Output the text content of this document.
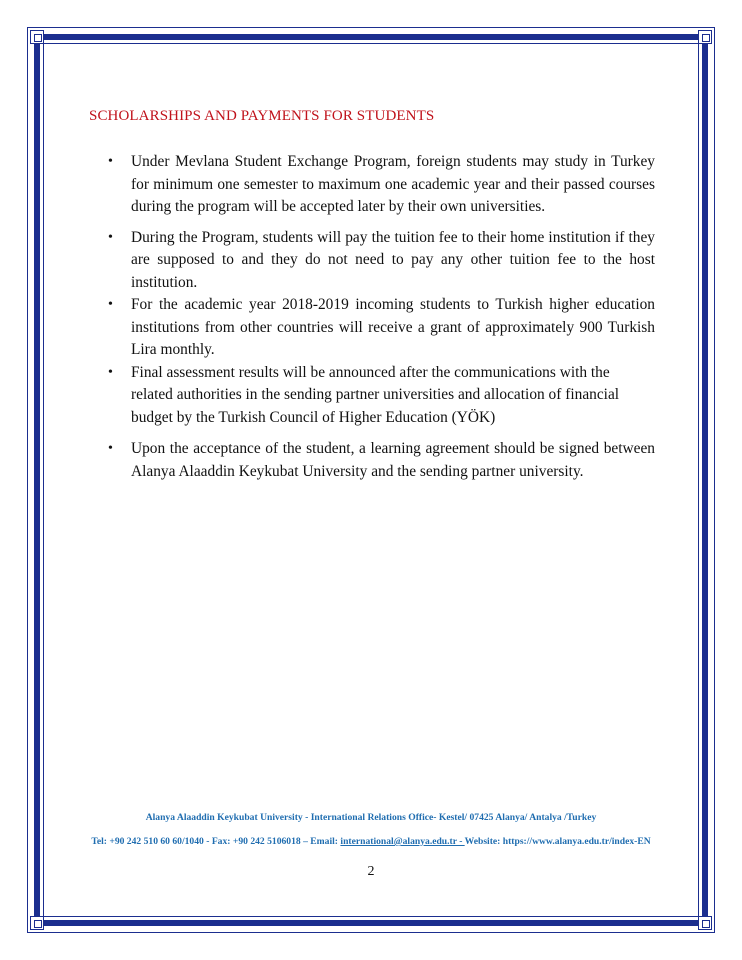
SCHOLARSHIPS AND PAYMENTS FOR STUDENTS
• Under Mevlana Student Exchange Program, foreign students may study in Turkey for minimum one semester to maximum one academic year and their passed courses during the program will be accepted later by their own universities.
• During the Program, students will pay the tuition fee to their home institution if they are supposed to and they do not need to pay any other tuition fee to the host institution.
• For the academic year 2018-2019 incoming students to Turkish higher education institutions from other countries will receive a grant of approximately 900 Turkish Lira monthly.
• Final assessment results will be announced after the communications with the related authorities in the sending partner universities and allocation of financial budget by the Turkish Council of Higher Education (YÖK)
• Upon the acceptance of the student, a learning agreement should be signed between Alanya Alaaddin Keykubat University and the sending partner university.

Alanya Alaaddin Keykubat University - International Relations Office- Kestel/ 07425 Alanya/ Antalya /Turkey

Tel: +90 242 510 60 60/1040 - Fax: +90 242 5106018 – Email: international@alanya.edu.tr - Website: https://www.alanya.edu.tr/index-EN

2
